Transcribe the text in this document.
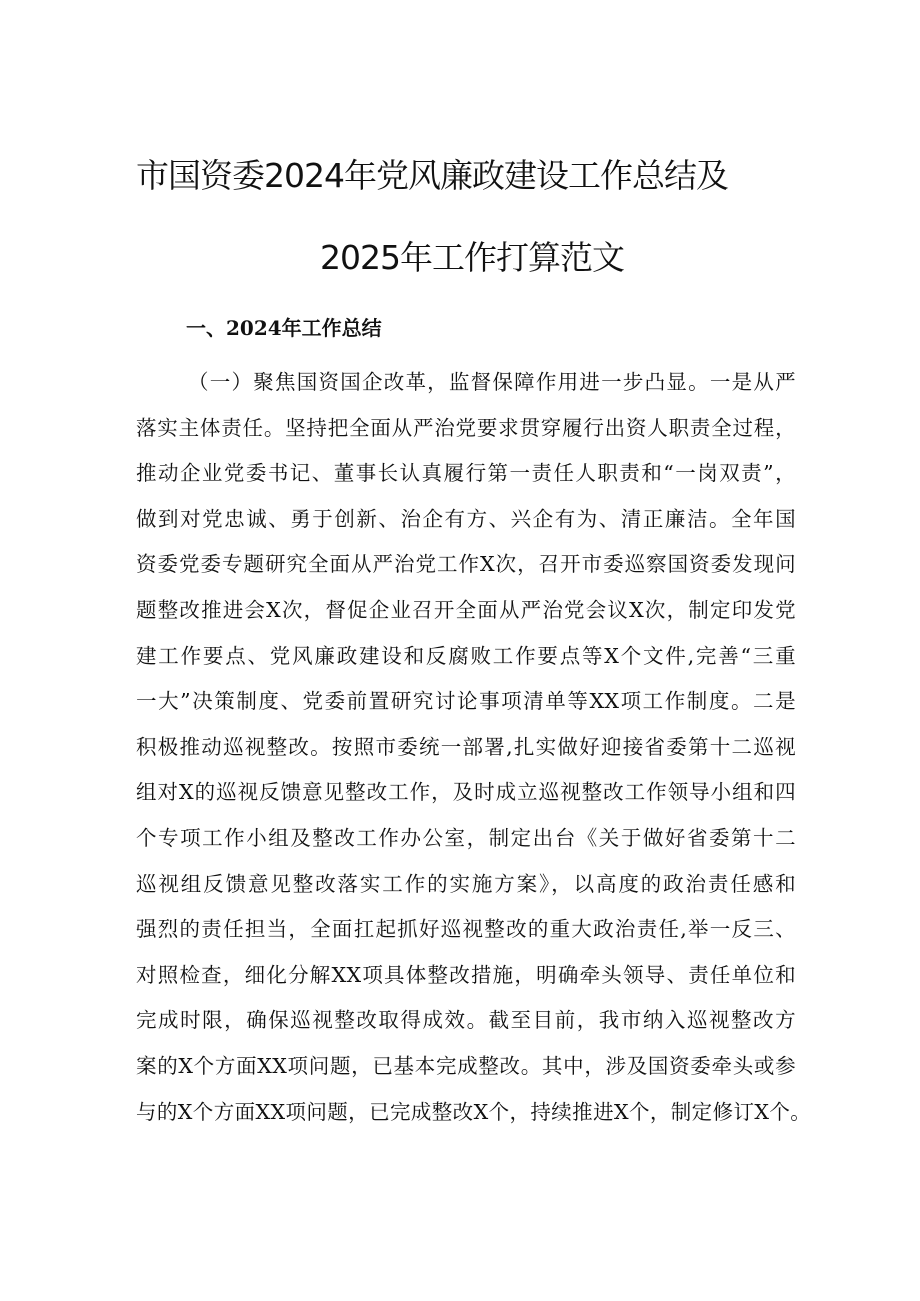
市国资委2024年党风廉政建设工作总结及
2025年工作打算范文
一、2024年工作总结
（一）聚焦国资国企改革，监督保障作用进一步凸显。一是从严
落实主体责任。坚持把全面从严治党要求贯穿履行出资人职责全过程，
推动企业党委书记、董事长认真履行第一责任人职责和“一岗双责”，
做到对党忠诚、勇于创新、治企有方、兴企有为、清正廉洁。全年国
资委党委专题研究全面从严治党工作X次，召开市委巡察国资委发现问
题整改推进会X次，督促企业召开全面从严治党会议X次，制定印发党
建工作要点、党风廉政建设和反腐败工作要点等X个文件,完善“三重
一大”决策制度、党委前置研究讨论事项清单等XX项工作制度。二是
积极推动巡视整改。按照市委统一部署,扎实做好迎接省委第十二巡视
组对X的巡视反馈意见整改工作，及时成立巡视整改工作领导小组和四
个专项工作小组及整改工作办公室，制定出台《关于做好省委第十二
巡视组反馈意见整改落实工作的实施方案》，以高度的政治责任感和
强烈的责任担当，全面扛起抓好巡视整改的重大政治责任,举一反三、
对照检查，细化分解XX项具体整改措施，明确牵头领导、责任单位和
完成时限，确保巡视整改取得成效。截至目前，我市纳入巡视整改方
案的X个方面XX项问题，已基本完成整改。其中，涉及国资委牵头或参
与的X个方面XX项问题，已完成整改X个，持续推进X个，制定修订X个。
